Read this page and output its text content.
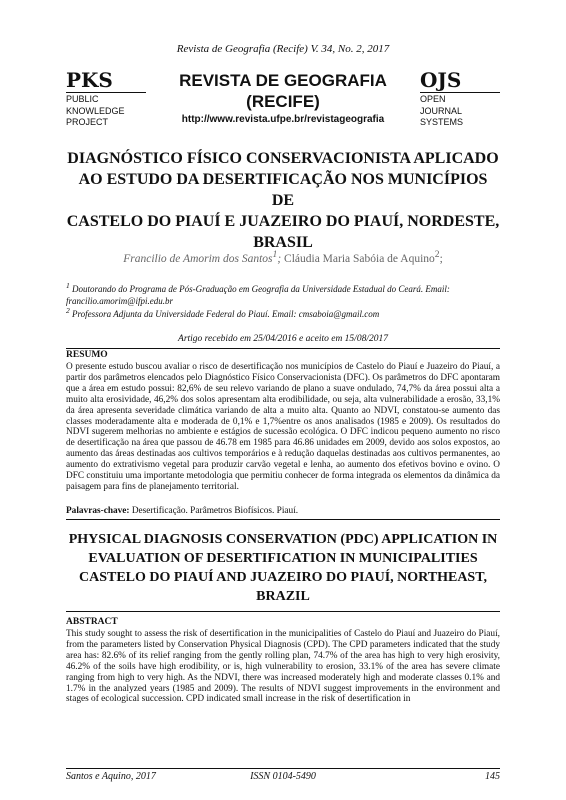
Revista de Geografia (Recife) V. 34, No. 2, 2017
PKS
PUBLIC
KNOWLEDGE
PROJECT
REVISTA DE GEOGRAFIA
(RECIFE)
http://www.revista.ufpe.br/revistageografia
OJS
OPEN
JOURNAL
SYSTEMS
DIAGNÓSTICO FÍSICO CONSERVACIONISTA APLICADO
AO ESTUDO DA DESERTIFICAÇÃO NOS MUNICÍPIOS DE
CASTELO DO PIAUÍ E JUAZEIRO DO PIAUÍ, NORDESTE,
BRASIL
Francilio de Amorim dos Santos$^1$; Cláudia Maria Sabóia de Aquino$^2$;
$^1$ Doutorando do Programa de Pós-Graduação em Geografia da Universidade Estadual do Ceará. Email: francilio.amorim@ifpi.edu.br
$^2$ Professora Adjunta da Universidade Federal do Piauí. Email: cmsaboia@gmail.com
Artigo recebido em 25/04/2016 e aceito em 15/08/2017
RESUMO
O presente estudo buscou avaliar o risco de desertificação nos municípios de Castelo do Piauí e Juazeiro do Piauí, a partir dos parâmetros elencados pelo Diagnóstico Físico Conservacionista (DFC). Os parâmetros do DFC apontaram que a área em estudo possui: 82,6% de seu relevo variando de plano a suave ondulado, 74,7% da área possui alta a muito alta erosividade, 46,2% dos solos apresentam alta erodibilidade, ou seja, alta vulnerabilidade a erosão, 33,1% da área apresenta severidade climática variando de alta a muito alta. Quanto ao NDVI, constatou-se aumento das classes moderadamente alta e moderada de 0,1% e 1,7%entre os anos analisados (1985 e 2009). Os resultados do NDVI sugerem melhorias no ambiente e estágios de sucessão ecológica. O DFC indicou pequeno aumento no risco de desertificação na área que passou de 46.78 em 1985 para 46.86 unidades em 2009, devido aos solos expostos, ao aumento das áreas destinadas aos cultivos temporários e à redução daquelas destinadas aos cultivos permanentes, ao aumento do extrativismo vegetal para produzir carvão vegetal e lenha, ao aumento dos efetivos bovino e ovino. O DFC constituiu uma importante metodologia que permitiu conhecer de forma integrada os elementos da dinâmica da paisagem para fins de planejamento territorial.
Palavras-chave: Desertificação. Parâmetros Biofísicos. Piauí.
PHYSICAL DIAGNOSIS CONSERVATION (PDC) APPLICATION IN
EVALUATION OF DESERTIFICATION IN MUNICIPALITIES
CASTELO DO PIAUÍ AND JUAZEIRO DO PIAUÍ, NORTHEAST,
BRAZIL
ABSTRACT
This study sought to assess the risk of desertification in the municipalities of Castelo do Piauí and Juazeiro do Piauí, from the parameters listed by Conservation Physical Diagnosis (CPD). The CPD parameters indicated that the study area has: 82.6% of its relief ranging from the gently rolling plan, 74.7% of the area has high to very high erosivity, 46.2% of the soils have high erodibility, or is, high vulnerability to erosion, 33.1% of the area has severe climate ranging from high to very high. As the NDVI, there was increased moderately high and moderate classes 0.1% and 1.7% in the analyzed years (1985 and 2009). The results of NDVI suggest improvements in the environment and stages of ecological succession. CPD indicated small increase in the risk of desertification in
Santos e Aquino, 2017	ISSN 0104-5490	145
